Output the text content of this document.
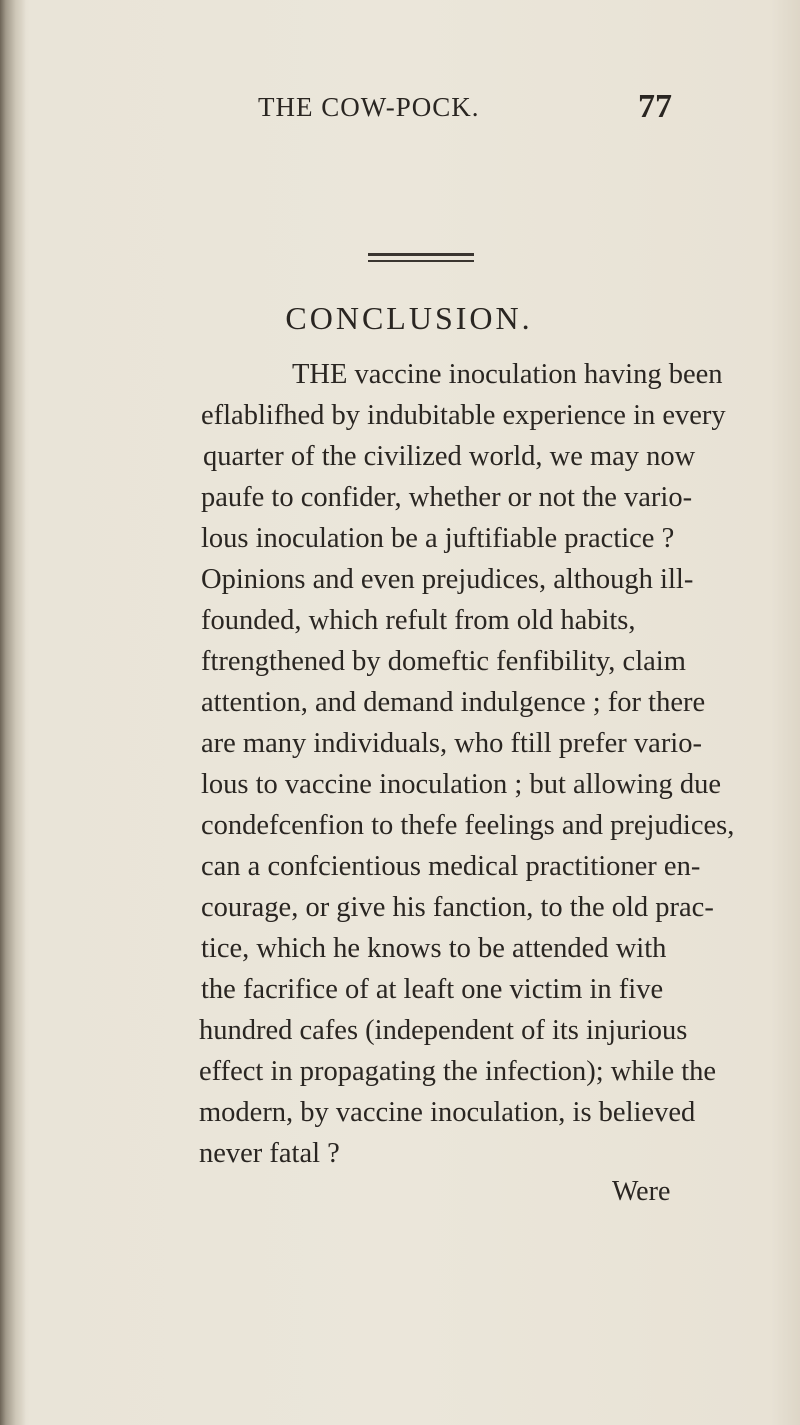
THE COW-POCK.	77
CONCLUSION.
THE vaccine inoculation having been
eflablifhed by indubitable experience in every
quarter of the civilized world, we may now
paufe to confider, whether or not the vario-
lous inoculation be a juftifiable practice ?
Opinions and even prejudices, although ill-
founded, which refult from old habits,
ftrengthened by domeftic fenfibility, claim
attention, and demand indulgence ; for there
are many individuals, who ftill prefer vario-
lous to vaccine inoculation ; but allowing due
condefcenfion to thefe feelings and prejudices,
can a confcientious medical practitioner en-
courage, or give his fanction, to the old prac-
tice, which he knows to be attended with
the facrifice of at leaft one victim in five
hundred cafes (independent of its injurious
effect in propagating the infection); while the
modern, by vaccine inoculation, is believed
never fatal ?
Were
